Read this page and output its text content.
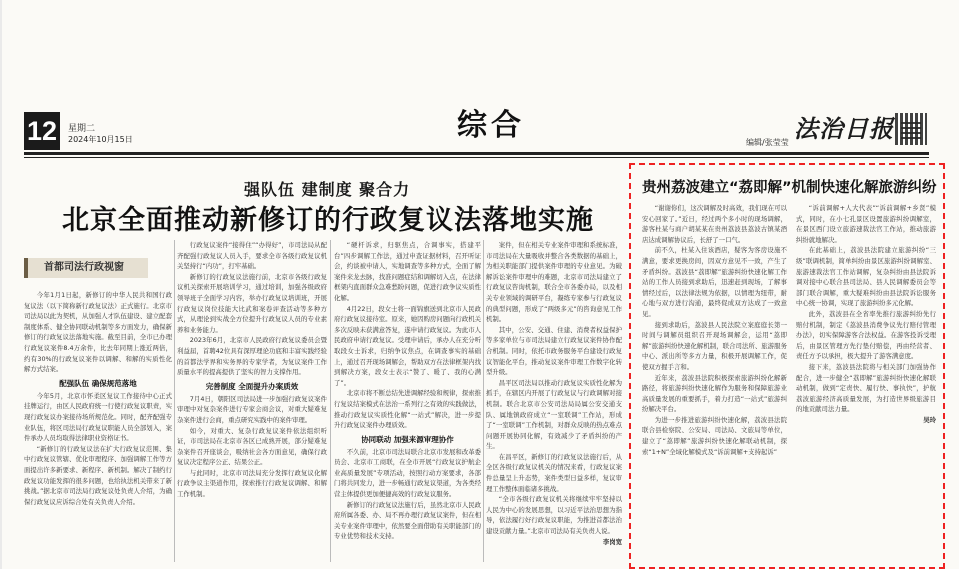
12	星期二
2024年10月15日	综合	编辑/张莹莹 法治日报
强队伍 建制度 聚合力
北京全面推动新修订的行政复议法落地实施
首都司法行政视窗

今年1月1日起，新修订的中华人民共和国行政复议法（以下简称新行政复议法）正式施行。北京市司法局以此为契机，从加强人才队伍建设、建立配套制度体系、健全协同联动机制等多方面发力，确保新修订的行政复议法落地实施。截至目前，全市已办理行政复议案件8.4万余件，比去年同期上涨近两倍，约有30%的行政复议案件以调解、和解的实质性化解方式结案。

配强队伍 确保规范落地

今年5月，北京市怀柔区复议工作接待中心正式挂牌运行，由区人民政府统一行使行政复议职责，实现行政复议办案接待场所规范化。同时，配齐配强专业队伍，将区司法局行政复议职能人员全部划入，案件承办人员均取得法律职业资格证书。

“新修订的行政复议法在扩大行政复议范围、集中行政复议管辖、优化审理程序、加强调解工作等方面提出许多新要求、新程序、新机制。解决了制约行政复议功能发挥的很多问题，也给执法机关带来了新挑战。”据北京市司法局行政复议处负责人介绍，为确保行政复议应诉综合处有关负责人介绍。

行政复议案件“接得住”“办得好”，市司法局从配齐配强行政复议人员入手，要求全市各级行政复议机关坚持行“内功”，打牢基础。

新修订的行政复议法施行前，北京市各级行政复议机关探索开展培训学习，通过培训，加强各级政府领导班子全面学习内容，举办行政复议培训班，开展行政复议岗位技能大比武和案卷评查活动等多种方式，从理论到实战全方位提升行政复议人员的专业素养和业务能力。

2023年6月，北京市人民政府行政复议委员会暨利益届，首聘42位具有深厚理论功底和丰富实践经验的首都法学界和实务界的专家学者，为复议案件工作质量水平的提高提供了坚实的智力支撑作用。

完善制度 全面提升办案质效

7月4日，朝阳区司法局进一步加强行政复议案件审理中对复杂案件进行专家会商会议，对重大疑难复杂案件进行会商，重点研究实践中的案件审理。

如今，对重大、复杂行政复议案件依法组织听证，市司法局在北京市各区已成熟开展，部分疑难复杂案件召开座谈会，吸纳社会各方面意见，确保行政复议决定程序公正、结果公正。

与此同时，北京市司法局充分发挥行政复议化解行政争议主渠道作用，探索推行行政复议调解、和解工作机制。

“硬杆诉求，归驱焦点，合调事实，搭建平台”四步调解工作法，通过申查证据材料，召开听证会，约谈被申请人，实地调查等多种方式，全面了解案件来龙去脉，找准问题症结和调解切入点，在法律框架内直面群众急难愁盼问题，促进行政争议实质性化解。

4月22日，段女士将一面锦旗送到北京市人民政府行政复议接待室。原来，她因购房问题向行政机关多次反映未获满意答复，遂申请行政复议。为此市人民政府申请行政复议。受理申请后，承办人在充分听取段女士诉求，归纳争议焦点，在调查事实的基础上，通过召开现场调解会，帮助双方在法律框架内找到解决方案，段女士表示“赞了、暖了、我的心满了”。

北京市将不断总结先进调解经验和规律，探索推行复议结案模式在法治一系列行之有效的实践做法，推动行政复议实质性化解“一站式”解决，进一步提升行政复议案件办理质效。

协同联动 加强来源审理协作

不久前，北京市司法局联合北京市发展和改革委员会、北京市工商联，在全市开展“行政复议护航企业高质量发展”专项活动，按照行动方案要求，各部门将共同发力，进一步畅通行政复议渠道，为各类经营主体提供更加便捷高效的行政复议服务。

新修订的行政复议法施行后，虽然北京市人民政府所属各委、办、局不再办理行政复议案件，但在相关专业案件审理中，依然要全面借助有关职能部门的专业优势和技术支持。

案件，但在相关专业案件审理和系统标准，市司法局在大量吸收并整合各类数据的基础上，为相关职能部门提供案件审理的专业意见。为破解诉讼案件审理中的难题，北京市司法局建立了行政复议咨询机制，联合全市各委办局，以及相关专业领域的调研平台，凝练专家参与行政复议的典型问题，形成了“两级多元”的咨询意见工作机制。

其中，公安、交通、住建、消费者权益保护等多家单位与市司法局建立行政复议案件协作配合机制。同时，依托市政务服务平台建设行政复议智能化平台，推动复议案件审理工作数字化转型升级。

昌平区司法局以推动行政复议实质性化解为抓手，在辖区内开展了行政复议与行政调解对接机制。联合北京市公安司法局局属公安交通支队、属地镇政府成立“一室联调”工作站，形成了“一室联调”工作机制，对群众反映的热点难点问题开展协同化解，有效减少了矛盾纠纷的产生。

在昌平区，新修订的行政复议法施行后，从全区各级行政复议机关的情况来看，行政复议案件总量呈上升态势，案件类型日益多样，复议审理工作整体面临诸多挑战。

“全市各级行政复议机关将继续牢牢坚持以人民为中心的发展思想，以习近平法治思想为指导，依法履行好行政复议职能，为推进首都法治建设贡献力量。”北京市司法局有关负责人说。

李岗宽

贵州荔波建立“荔即解”机制快速化解旅游纠纷

“谢谢你们，这次调解及时高效，我们现在可以安心回家了。”近日，经过两个多小时的现场调解，游客杜某与商户胡某某在贵州荔波县荔波古镇某酒店达成调解协议后，长舒了一口气。

前不久，杜某入住该酒店，疑客为客房设施不满意，要求更换房间，因双方意见不一致，产生了矛盾纠纷。荔波县“荔即解”旅游纠纷快速化解工作站的工作人员接到求助后，迅速赶到现场，了解事情经过后，以法律法规为依据，以情理为纽带，耐心地与双方进行沟通，最终促成双方达成了一致意见。

接到求助后，荔波县人民法院立案庭庭长第一时间与调解员组织召开现场调解会，运用“荔即解”旅游纠纷快速化解机制，联合司法所、旅游服务中心、派出所等多方力量，积极开展调解工作，促使双方握手言和。

近年来，荔波县法院积极探索旅游纠纷化解新路径，将旅游纠纷快速化解作为服务和保障旅游业高质量发展的重要抓手，着力打造“一站式”旅游纠纷解决平台。

为进一步推进旅游纠纷快速化解，荔波县法院联合县检察院、公安局、司法局、文旅局等单位，建立了“荔即解”旅游纠纷快速化解联动机制，探索“1+N”全域化解模式及“诉前调解+支持起诉”

“诉前调解+人大代表”“诉前调解+乡贤”模式，同时，在小七孔景区设置旅游纠纷调解室，在景区西门设立旅游速裁法官工作站，推动旅游纠纷就地解决。

在此基础上，荔波县法院建立旅游纠纷“三级”联调机制，简单纠纷由景区旅游纠纷调解室、旅游速裁法官工作站调解，复杂纠纷由县法院诉调对接中心联合县司法局、县人民调解委员会等部门联合调解，重大疑难纠纷由县法院诉讼服务中心统一协调，实现了旅游纠纷多元化解。

此外，荔波县在全省率先推行旅游纠纷先行赔付机制，制定《荔波县消费争议先行赔付管理办法》，切实保障游客合法权益。在游客投诉受理后，由景区管理方先行垫付赔偿，再由经营者、责任方予以承担，极大提升了游客满意度。

接下来，荔波县法院将与相关部门加强协作配合，进一步健全“荔即解”旅游纠纷快速化解联动机制，做到“定责快、履行快、事执快”，护航荔波旅游经济高质量发展，为打造世界级旅游目的地贡献司法力量。

吴玲
